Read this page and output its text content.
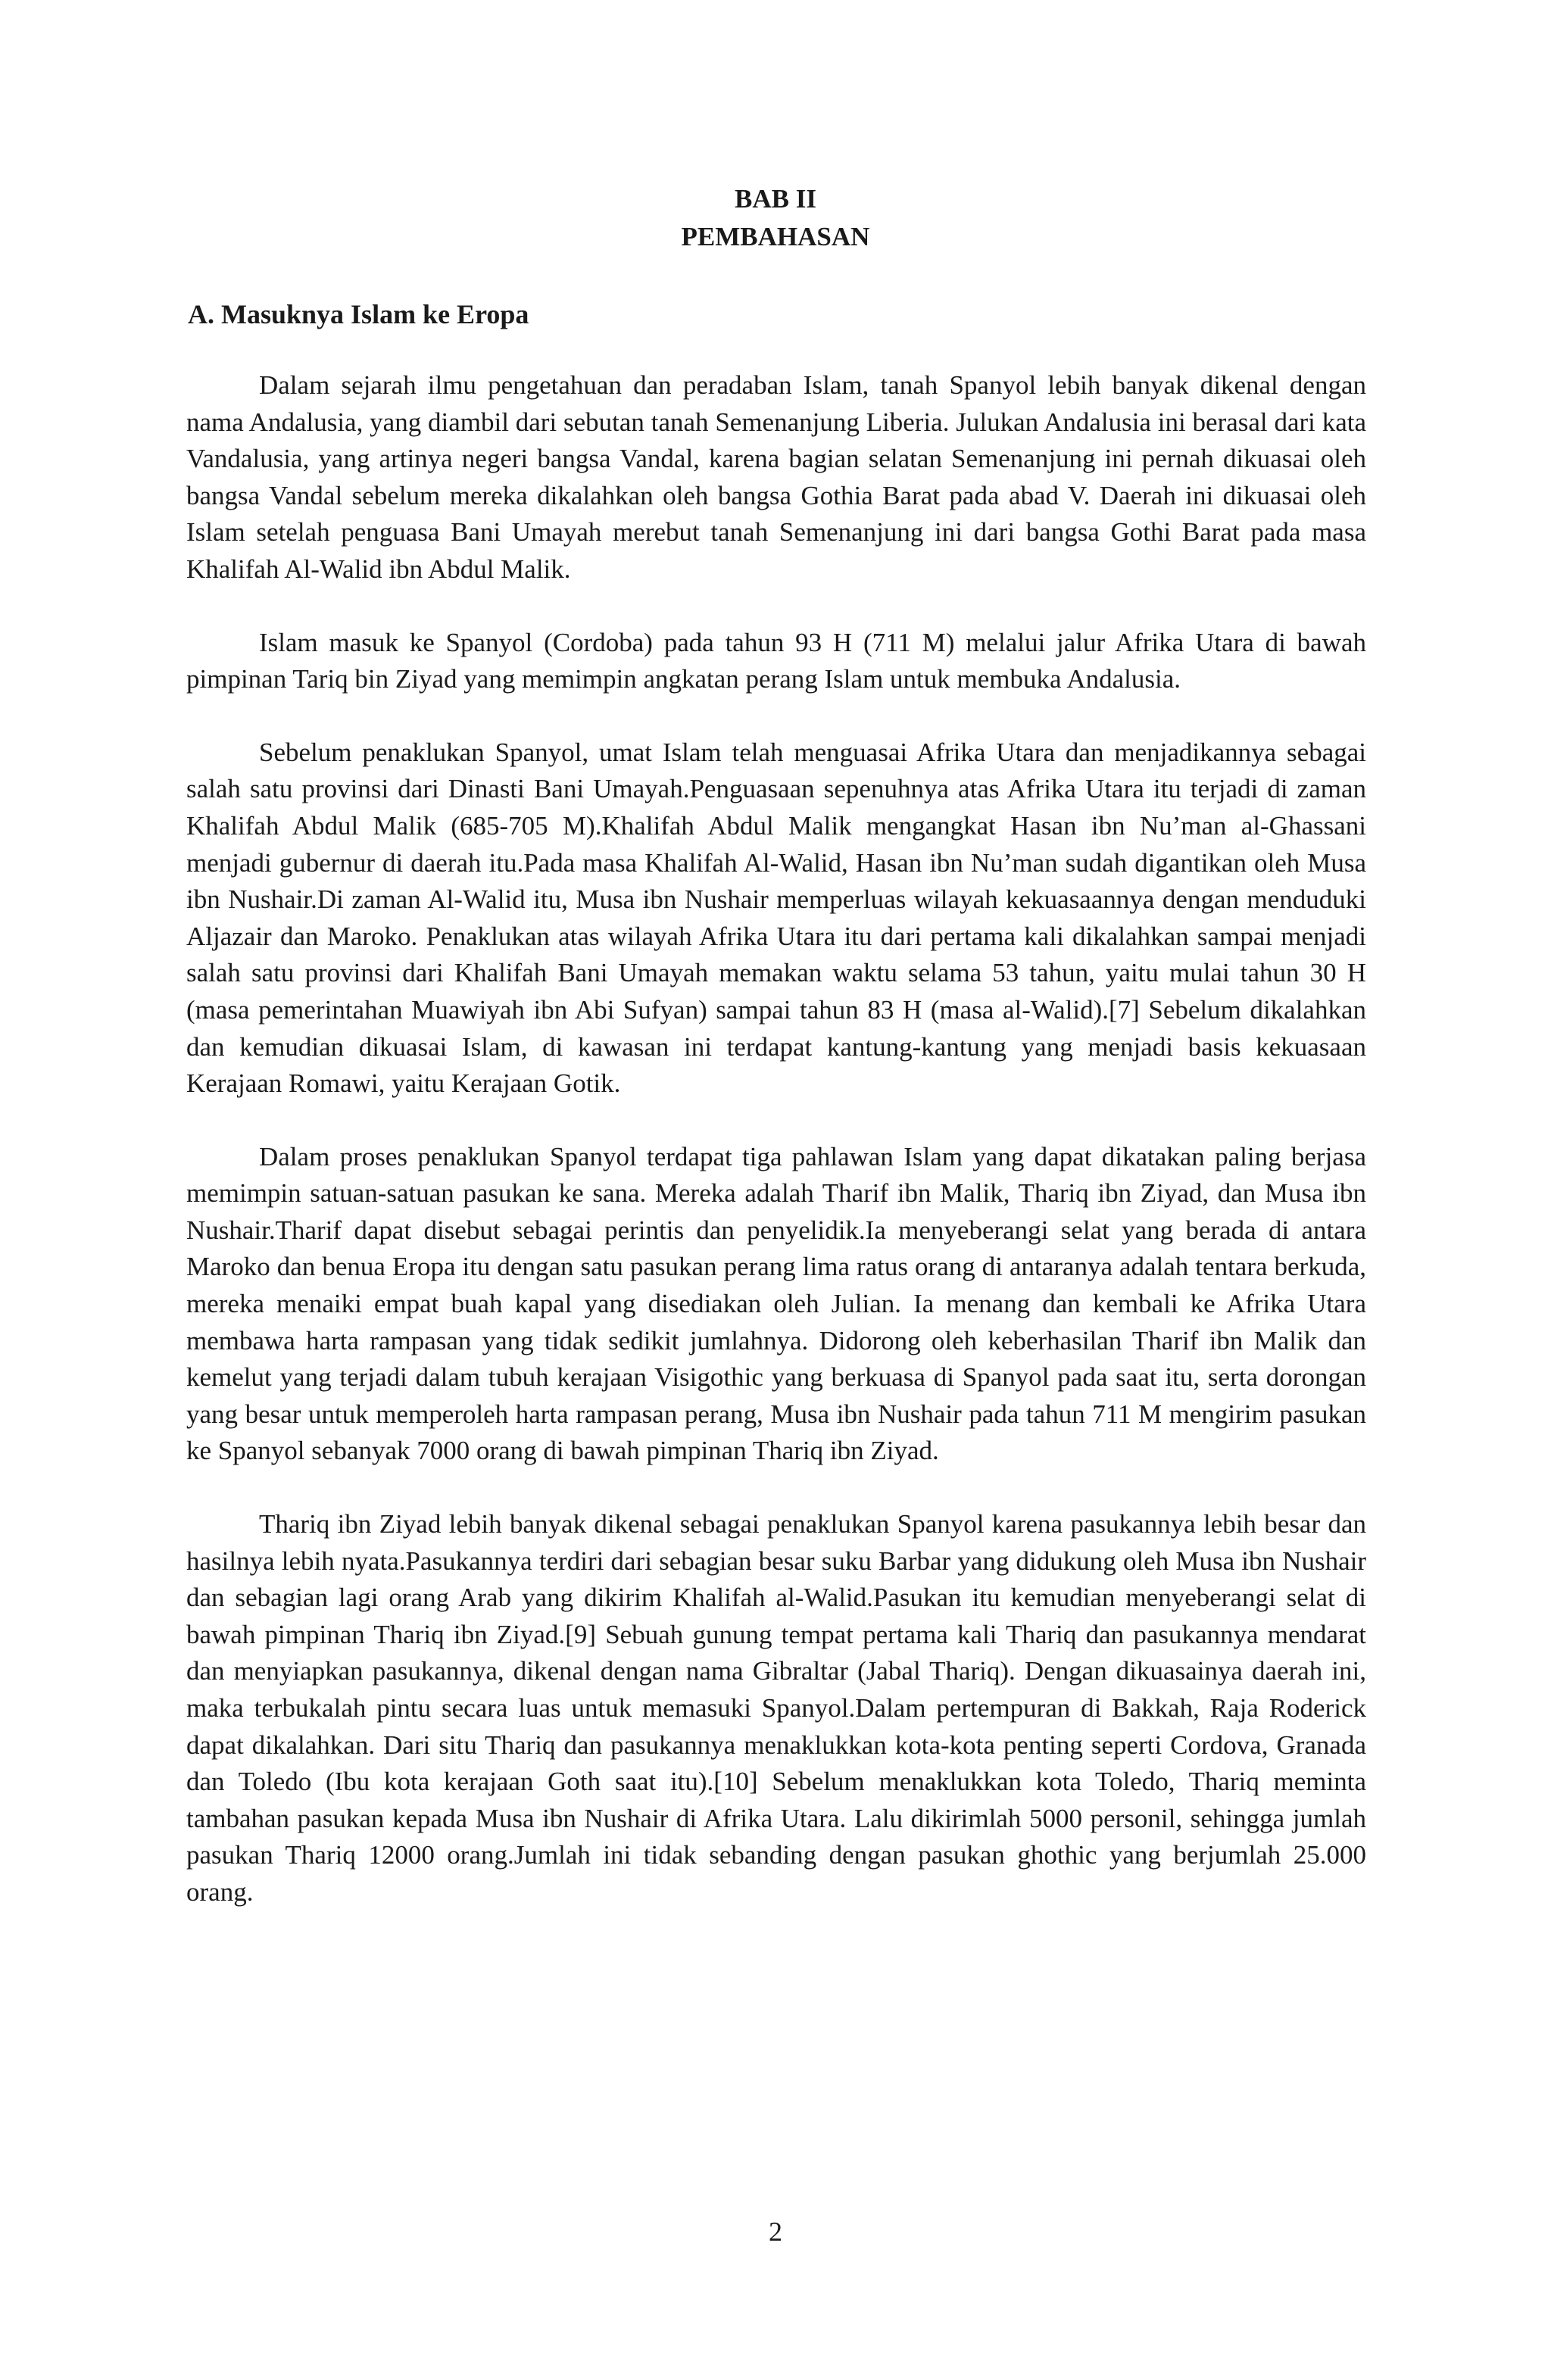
BAB II
PEMBAHASAN
A. Masuknya Islam ke Eropa

Dalam sejarah ilmu pengetahuan dan peradaban Islam, tanah Spanyol lebih banyak dikenal dengan nama Andalusia, yang diambil dari sebutan tanah Semenanjung Liberia. Julukan Andalusia ini berasal dari kata Vandalusia, yang artinya negeri bangsa Vandal, karena bagian selatan Semenanjung ini pernah dikuasai oleh bangsa Vandal sebelum mereka dikalahkan oleh bangsa Gothia Barat pada abad V. Daerah ini dikuasai oleh Islam setelah penguasa Bani Umayah merebut tanah Semenanjung ini dari bangsa Gothi Barat pada masa Khalifah Al-Walid ibn Abdul Malik.

Islam masuk ke Spanyol (Cordoba) pada tahun 93 H (711 M) melalui jalur Afrika Utara di bawah pimpinan Tariq bin Ziyad yang memimpin angkatan perang Islam untuk membuka Andalusia.

Sebelum penaklukan Spanyol, umat Islam telah menguasai Afrika Utara dan menjadikannya sebagai salah satu provinsi dari Dinasti Bani Umayah.Penguasaan sepenuhnya atas Afrika Utara itu terjadi di zaman Khalifah Abdul Malik (685-705 M).Khalifah Abdul Malik mengangkat Hasan ibn Nu’man al-Ghassani menjadi gubernur di daerah itu.Pada masa Khalifah Al-Walid, Hasan ibn Nu’man sudah digantikan oleh Musa ibn Nushair.Di zaman Al-Walid itu, Musa ibn Nushair memperluas wilayah kekuasaannya dengan menduduki Aljazair dan Maroko. Penaklukan atas wilayah Afrika Utara itu dari pertama kali dikalahkan sampai menjadi salah satu provinsi dari Khalifah Bani Umayah memakan waktu selama 53 tahun, yaitu mulai tahun 30 H (masa pemerintahan Muawiyah ibn Abi Sufyan) sampai tahun 83 H (masa al-Walid).[7] Sebelum dikalahkan dan kemudian dikuasai Islam, di kawasan ini terdapat kantung-kantung yang menjadi basis kekuasaan Kerajaan Romawi, yaitu Kerajaan Gotik.

Dalam proses penaklukan Spanyol terdapat tiga pahlawan Islam yang dapat dikatakan paling berjasa memimpin satuan-satuan pasukan ke sana. Mereka adalah Tharif ibn Malik, Thariq ibn Ziyad, dan Musa ibn Nushair.Tharif dapat disebut sebagai perintis dan penyelidik.Ia menyeberangi selat yang berada di antara Maroko dan benua Eropa itu dengan satu pasukan perang lima ratus orang di antaranya adalah tentara berkuda, mereka menaiki empat buah kapal yang disediakan oleh Julian. Ia menang dan kembali ke Afrika Utara membawa harta rampasan yang tidak sedikit jumlahnya. Didorong oleh keberhasilan Tharif ibn Malik dan kemelut yang terjadi dalam tubuh kerajaan Visigothic yang berkuasa di Spanyol pada saat itu, serta dorongan yang besar untuk memperoleh harta rampasan perang, Musa ibn Nushair pada tahun 711 M mengirim pasukan ke Spanyol sebanyak 7000 orang di bawah pimpinan Thariq ibn Ziyad.

Thariq ibn Ziyad lebih banyak dikenal sebagai penaklukan Spanyol karena pasukannya lebih besar dan hasilnya lebih nyata.Pasukannya terdiri dari sebagian besar suku Barbar yang didukung oleh Musa ibn Nushair dan sebagian lagi orang Arab yang dikirim Khalifah al-Walid.Pasukan itu kemudian menyeberangi selat di bawah pimpinan Thariq ibn Ziyad.[9] Sebuah gunung tempat pertama kali Thariq dan pasukannya mendarat dan menyiapkan pasukannya, dikenal dengan nama Gibraltar (Jabal Thariq). Dengan dikuasainya daerah ini, maka terbukalah pintu secara luas untuk memasuki Spanyol.Dalam pertempuran di Bakkah, Raja Roderick dapat dikalahkan. Dari situ Thariq dan pasukannya menaklukkan kota-kota penting seperti Cordova, Granada dan Toledo (Ibu kota kerajaan Goth saat itu).[10] Sebelum menaklukkan kota Toledo, Thariq meminta tambahan pasukan kepada Musa ibn Nushair di Afrika Utara. Lalu dikirimlah 5000 personil, sehingga jumlah pasukan Thariq 12000 orang.Jumlah ini tidak sebanding dengan pasukan ghothic yang berjumlah 25.000 orang.

2
